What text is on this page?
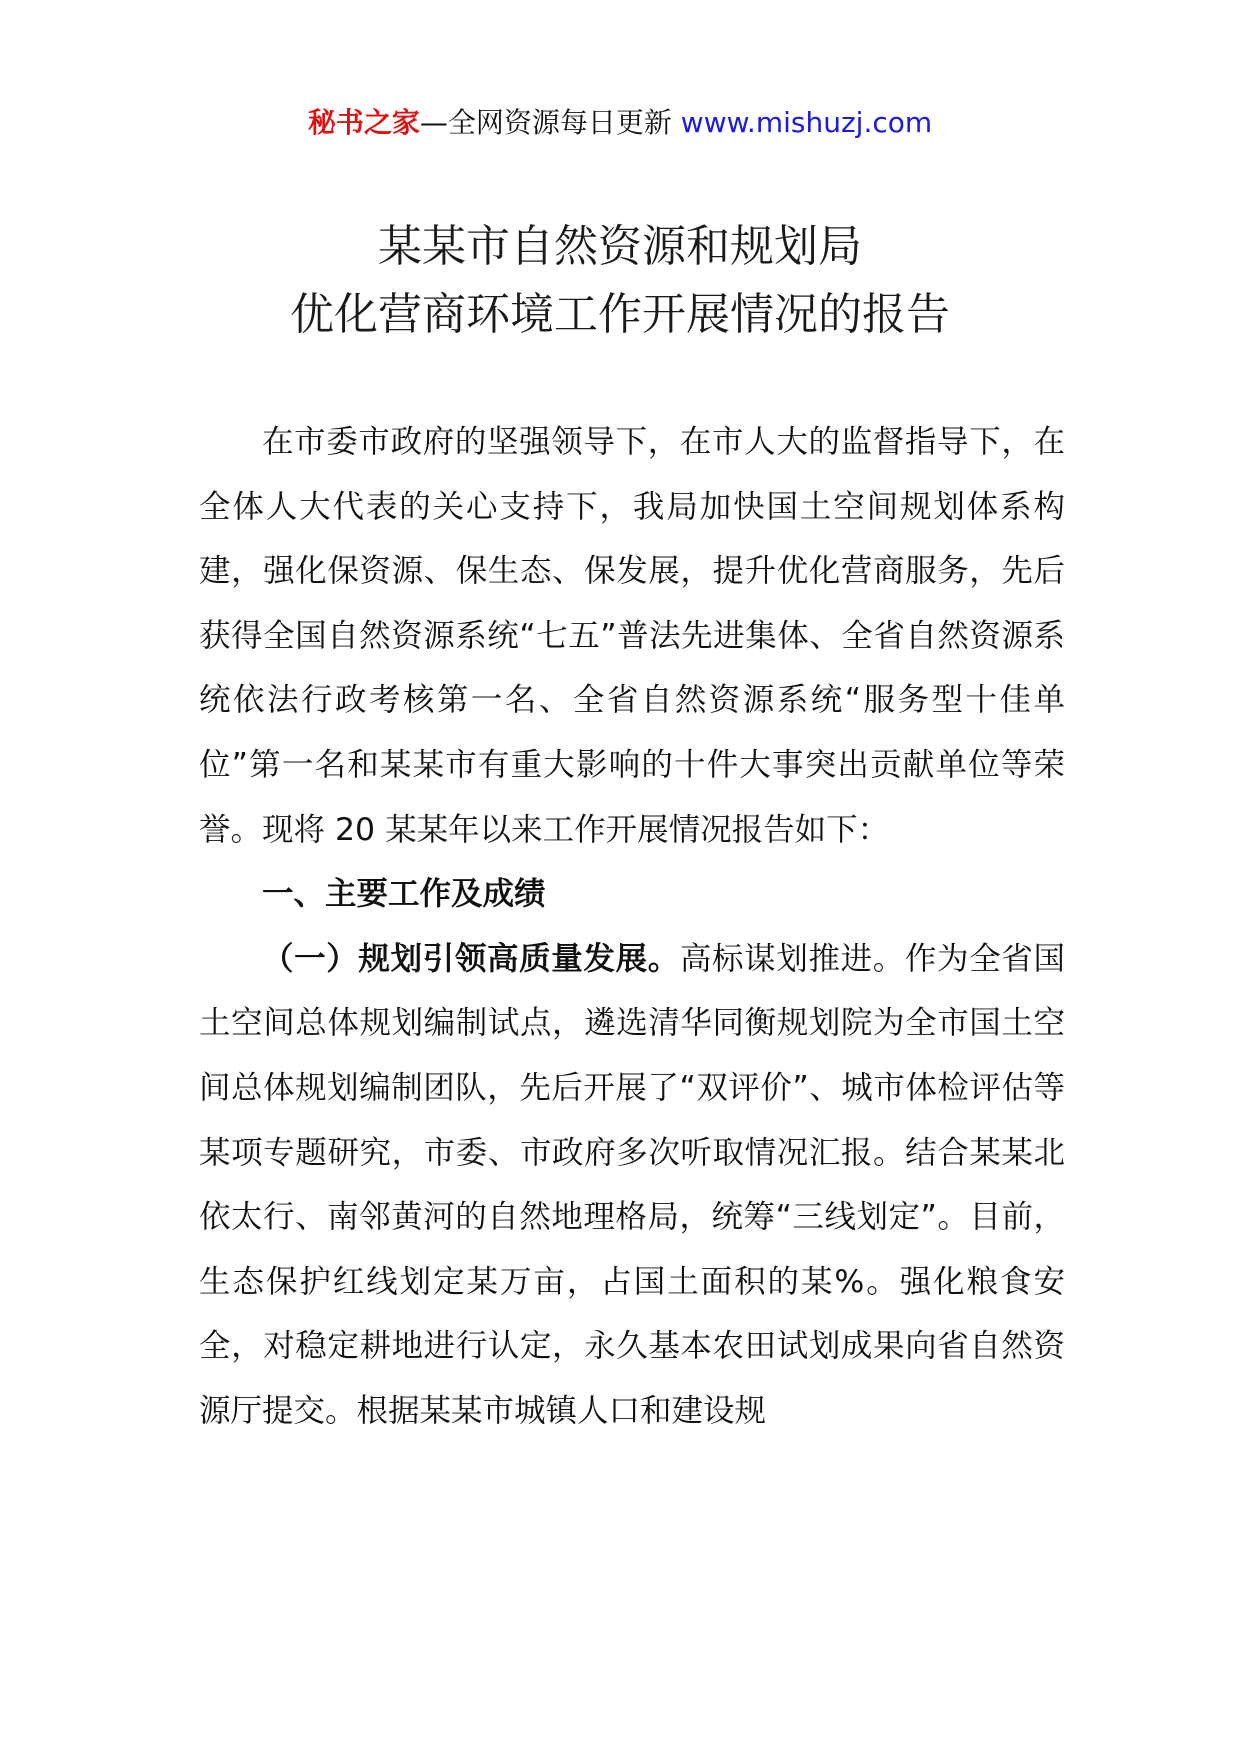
秘书之家—全网资源每日更新 www.mishuzj.com
某某市自然资源和规划局
优化营商环境工作开展情况的报告

在市委市政府的坚强领导下，在市人大的监督指导下，在全体人大代表的关心支持下，我局加快国土空间规划体系构建，强化保资源、保生态、保发展，提升优化营商服务，先后获得全国自然资源系统“七五”普法先进集体、全省自然资源系统依法行政考核第一名、全省自然资源系统“服务型十佳单位”第一名和某某市有重大影响的十件大事突出贡献单位等荣誉。现将 20 某某年以来工作开展情况报告如下：

一、主要工作及成绩

（一）规划引领高质量发展。高标谋划推进。作为全省国土空间总体规划编制试点，遴选清华同衡规划院为全市国土空间总体规划编制团队，先后开展了“双评价”、城市体检评估等某项专题研究，市委、市政府多次听取情况汇报。结合某某北依太行、南邻黄河的自然地理格局，统筹“三线划定”。目前，生态保护红线划定某万亩，占国土面积的某%。强化粮食安全，对稳定耕地进行认定，永久基本农田试划成果向省自然资源厅提交。根据某某市城镇人口和建设规
